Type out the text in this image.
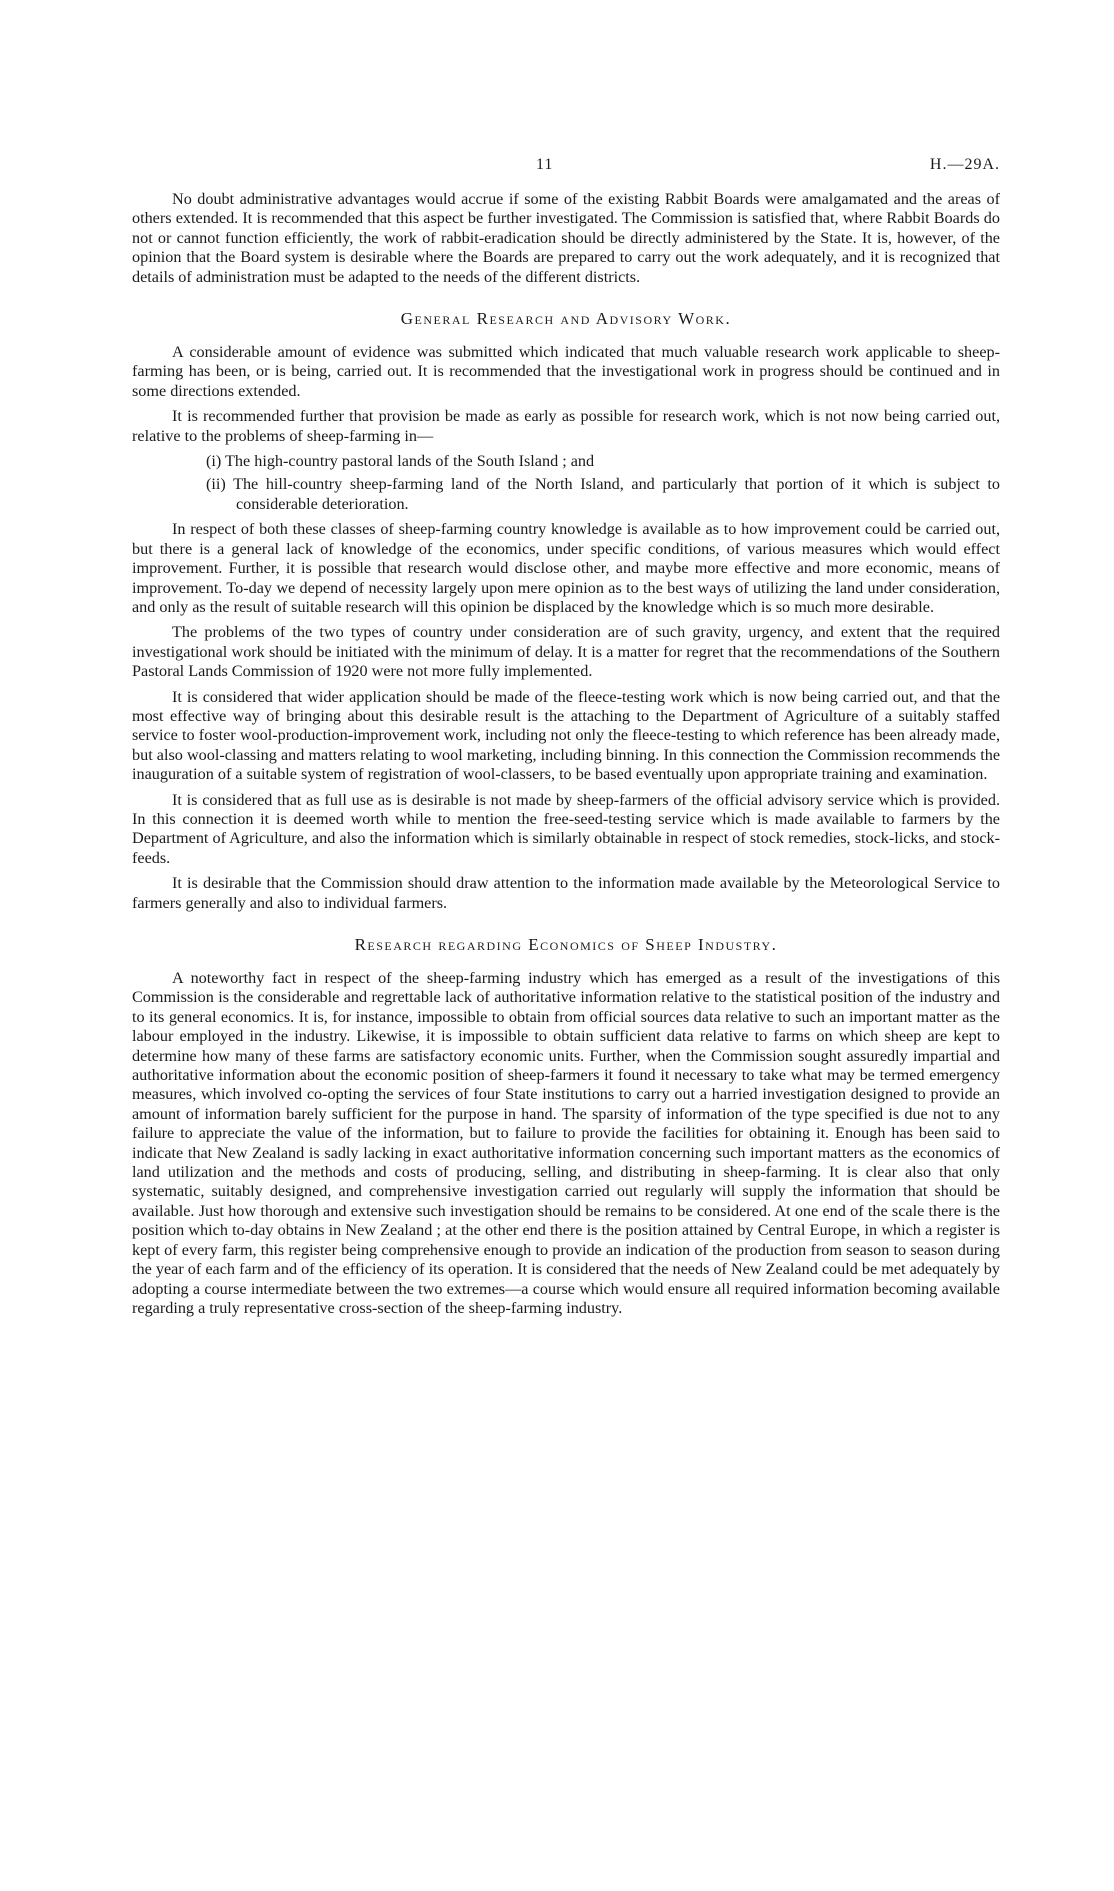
11	H.—29A.

No doubt administrative advantages would accrue if some of the existing Rabbit Boards were amalgamated and the areas of others extended. It is recommended that this aspect be further investigated. The Commission is satisfied that, where Rabbit Boards do not or cannot function efficiently, the work of rabbit-eradication should be directly administered by the State. It is, however, of the opinion that the Board system is desirable where the Boards are prepared to carry out the work adequately, and it is recognized that details of administration must be adapted to the needs of the different districts.

General Research and Advisory Work.

A considerable amount of evidence was submitted which indicated that much valuable research work applicable to sheep-farming has been, or is being, carried out. It is recommended that the investigational work in progress should be continued and in some directions extended.

It is recommended further that provision be made as early as possible for research work, which is not now being carried out, relative to the problems of sheep-farming in—

(i) The high-country pastoral lands of the South Island ; and
(ii) The hill-country sheep-farming land of the North Island, and particularly that portion of it which is subject to considerable deterioration.

In respect of both these classes of sheep-farming country knowledge is available as to how improvement could be carried out, but there is a general lack of knowledge of the economics, under specific conditions, of various measures which would effect improvement. Further, it is possible that research would disclose other, and maybe more effective and more economic, means of improvement. To-day we depend of necessity largely upon mere opinion as to the best ways of utilizing the land under consideration, and only as the result of suitable research will this opinion be displaced by the knowledge which is so much more desirable.

The problems of the two types of country under consideration are of such gravity, urgency, and extent that the required investigational work should be initiated with the minimum of delay. It is a matter for regret that the recommendations of the Southern Pastoral Lands Commission of 1920 were not more fully implemented.

It is considered that wider application should be made of the fleece-testing work which is now being carried out, and that the most effective way of bringing about this desirable result is the attaching to the Department of Agriculture of a suitably staffed service to foster wool-production-improvement work, including not only the fleece-testing to which reference has been already made, but also wool-classing and matters relating to wool marketing, including binning. In this connection the Commission recommends the inauguration of a suitable system of registration of wool-classers, to be based eventually upon appropriate training and examination.

It is considered that as full use as is desirable is not made by sheep-farmers of the official advisory service which is provided. In this connection it is deemed worth while to mention the free-seed-testing service which is made available to farmers by the Department of Agriculture, and also the information which is similarly obtainable in respect of stock remedies, stock-licks, and stock-feeds.

It is desirable that the Commission should draw attention to the information made available by the Meteorological Service to farmers generally and also to individual farmers.

Research regarding Economics of Sheep Industry.

A noteworthy fact in respect of the sheep-farming industry which has emerged as a result of the investigations of this Commission is the considerable and regrettable lack of authoritative information relative to the statistical position of the industry and to its general economics. It is, for instance, impossible to obtain from official sources data relative to such an important matter as the labour employed in the industry. Likewise, it is impossible to obtain sufficient data relative to farms on which sheep are kept to determine how many of these farms are satisfactory economic units. Further, when the Commission sought assuredly impartial and authoritative information about the economic position of sheep-farmers it found it necessary to take what may be termed emergency measures, which involved co-opting the services of four State institutions to carry out a harried investigation designed to provide an amount of information barely sufficient for the purpose in hand. The sparsity of information of the type specified is due not to any failure to appreciate the value of the information, but to failure to provide the facilities for obtaining it. Enough has been said to indicate that New Zealand is sadly lacking in exact authoritative information concerning such important matters as the economics of land utilization and the methods and costs of producing, selling, and distributing in sheep-farming. It is clear also that only systematic, suitably designed, and comprehensive investigation carried out regularly will supply the information that should be available. Just how thorough and extensive such investigation should be remains to be considered. At one end of the scale there is the position which to-day obtains in New Zealand ; at the other end there is the position attained by Central Europe, in which a register is kept of every farm, this register being comprehensive enough to provide an indication of the production from season to season during the year of each farm and of the efficiency of its operation. It is considered that the needs of New Zealand could be met adequately by adopting a course intermediate between the two extremes—a course which would ensure all required information becoming available regarding a truly representative cross-section of the sheep-farming industry.
